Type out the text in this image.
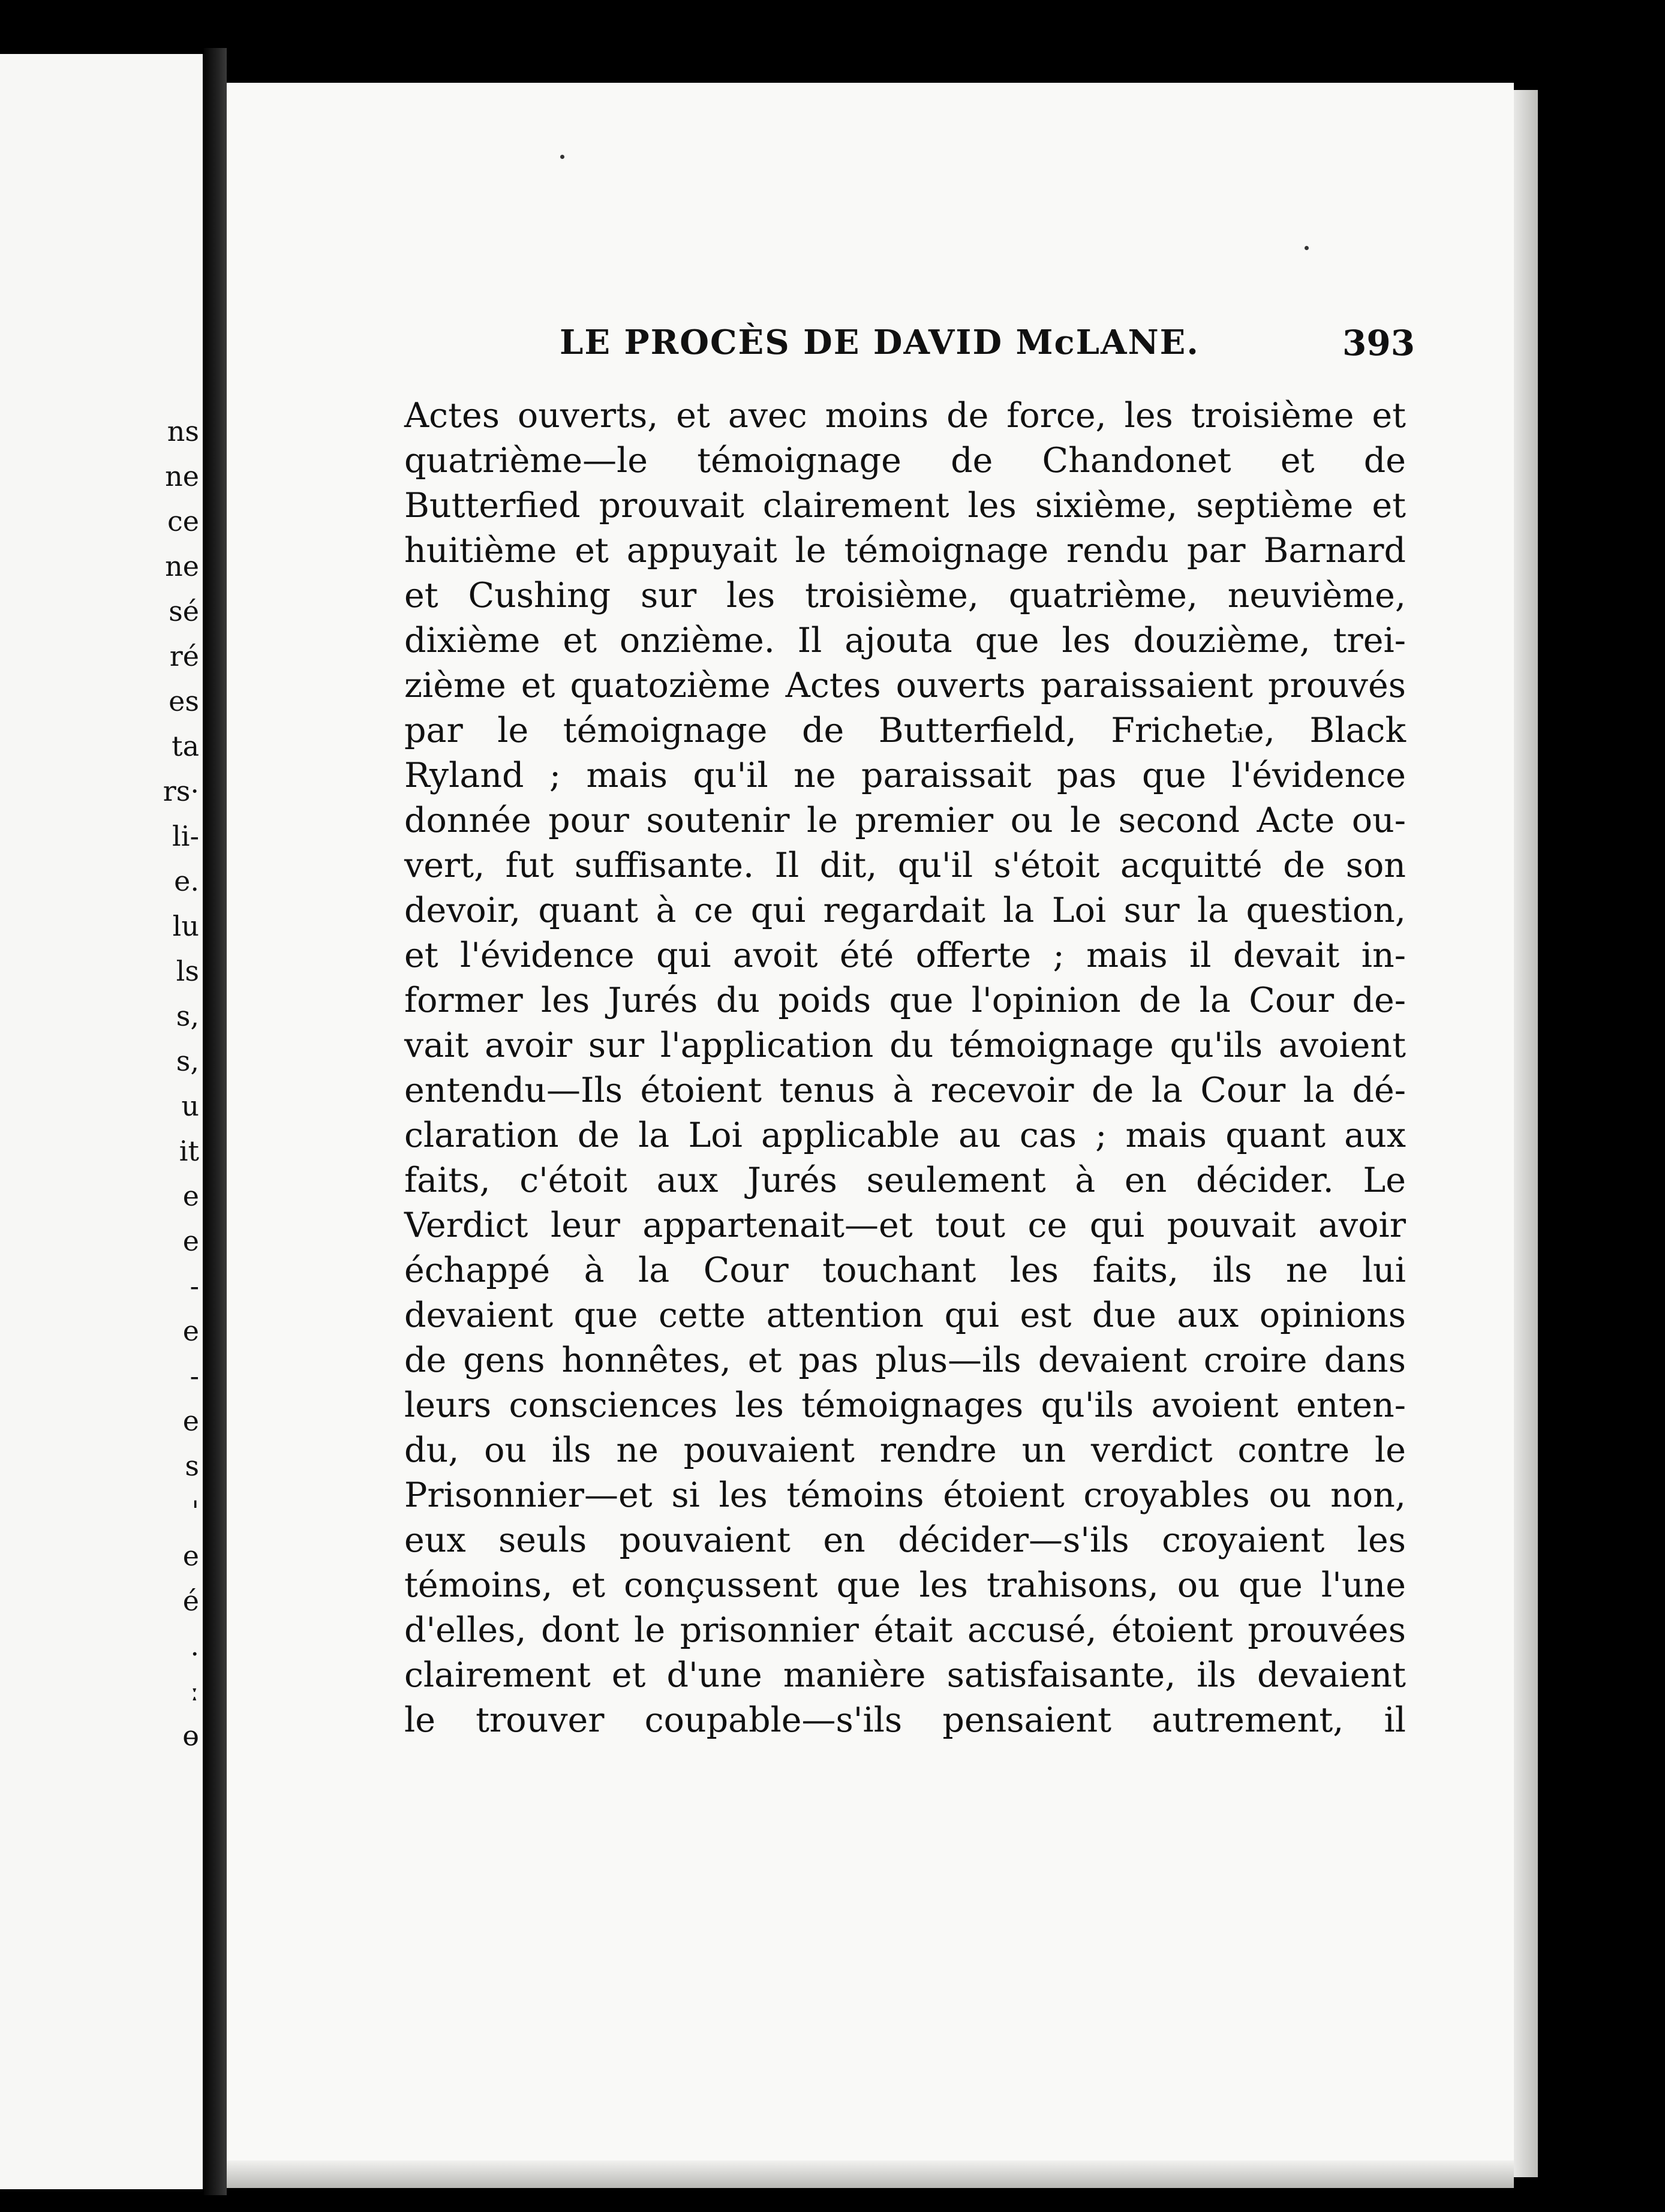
ns
ne
ce
ne
sé
ré
es
ta
rs·
li-
e.
lu
ls
s,
s,
u
it
e
e
-
e
-
e
s
'
e
é
.
ː
ɵ
LE PROCÈS DE DAVID McLANE.	393
Actes ouverts, et avec moins de force, les troisième et
quatrième—le témoignage de Chandonet et de
Butterfied prouvait clairement les sixième, septième et
huitième et appuyait le témoignage rendu par Barnard
et Cushing sur les troisième, quatrième, neuvième,
dixième et onzième. Il ajouta que les douzième, trei-
zième et quatozième Actes ouverts paraissaient prouvés
par le témoignage de Butterfield, Frichetᵢe, Black
Ryland ; mais qu'il ne paraissait pas que l'évidence
donnée pour soutenir le premier ou le second Acte ou-
vert, fut suffisante. Il dit, qu'il s'étoit acquitté de son
devoir, quant à ce qui regardait la Loi sur la question,
et l'évidence qui avoit été offerte ; mais il devait in-
former les Jurés du poids que l'opinion de la Cour de-
vait avoir sur l'application du témoignage qu'ils avoient
entendu—Ils étoient tenus à recevoir de la Cour la dé-
claration de la Loi applicable au cas ; mais quant aux
faits, c'étoit aux Jurés seulement à en décider. Le
Verdict leur appartenait—et tout ce qui pouvait avoir
échappé à la Cour touchant les faits, ils ne lui
devaient que cette attention qui est due aux opinions
de gens honnêtes, et pas plus—ils devaient croire dans
leurs consciences les témoignages qu'ils avoient enten-
du, ou ils ne pouvaient rendre un verdict contre le
Prisonnier—et si les témoins étoient croyables ou non,
eux seuls pouvaient en décider—s'ils croyaient les
témoins, et conçussent que les trahisons, ou que l'une
d'elles, dont le prisonnier était accusé, étoient prouvées
clairement et d'une manière satisfaisante, ils devaient
le trouver coupable—s'ils pensaient autrement, il
